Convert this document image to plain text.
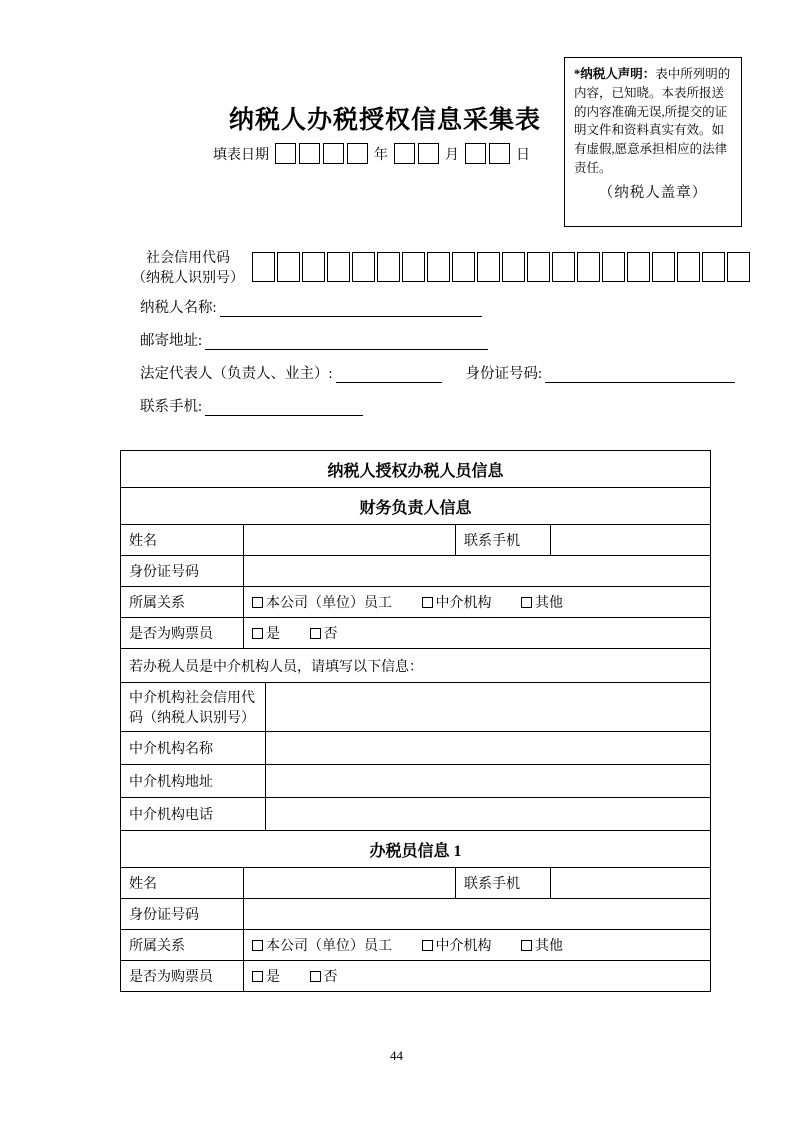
*纳税人声明：表中所列明的内容，已知晓。本表所报送的内容准确无误,所提交的证明文件和资料真实有效。如有虚假,愿意承担相应的法律责任。
（纳税人盖章）
纳税人办税授权信息采集表
填表日期	年	月	日
社会信用代码
（纳税人识别号）
纳税人名称:
邮寄地址:
法定代表人（负责人、业主）:	身份证号码:
联系手机:
纳税人授权办税人员信息				
财务负责人信息				
姓名			联系手机	
身份证号码				
所属关系	本公司（单位）员工 中介机构 其他			
是否为购票员	是 否			
若办税人员是中介机构人员，请填写以下信息：				

中介机构社会信用代
码（纳税人识别号）				

中介机构名称				
中介机构地址				
中介机构电话				
办税员信息 1				
姓名			联系手机	
身份证号码				
所属关系	本公司（单位）员工 中介机构 其他			
是否为购票员	是 否			
44
